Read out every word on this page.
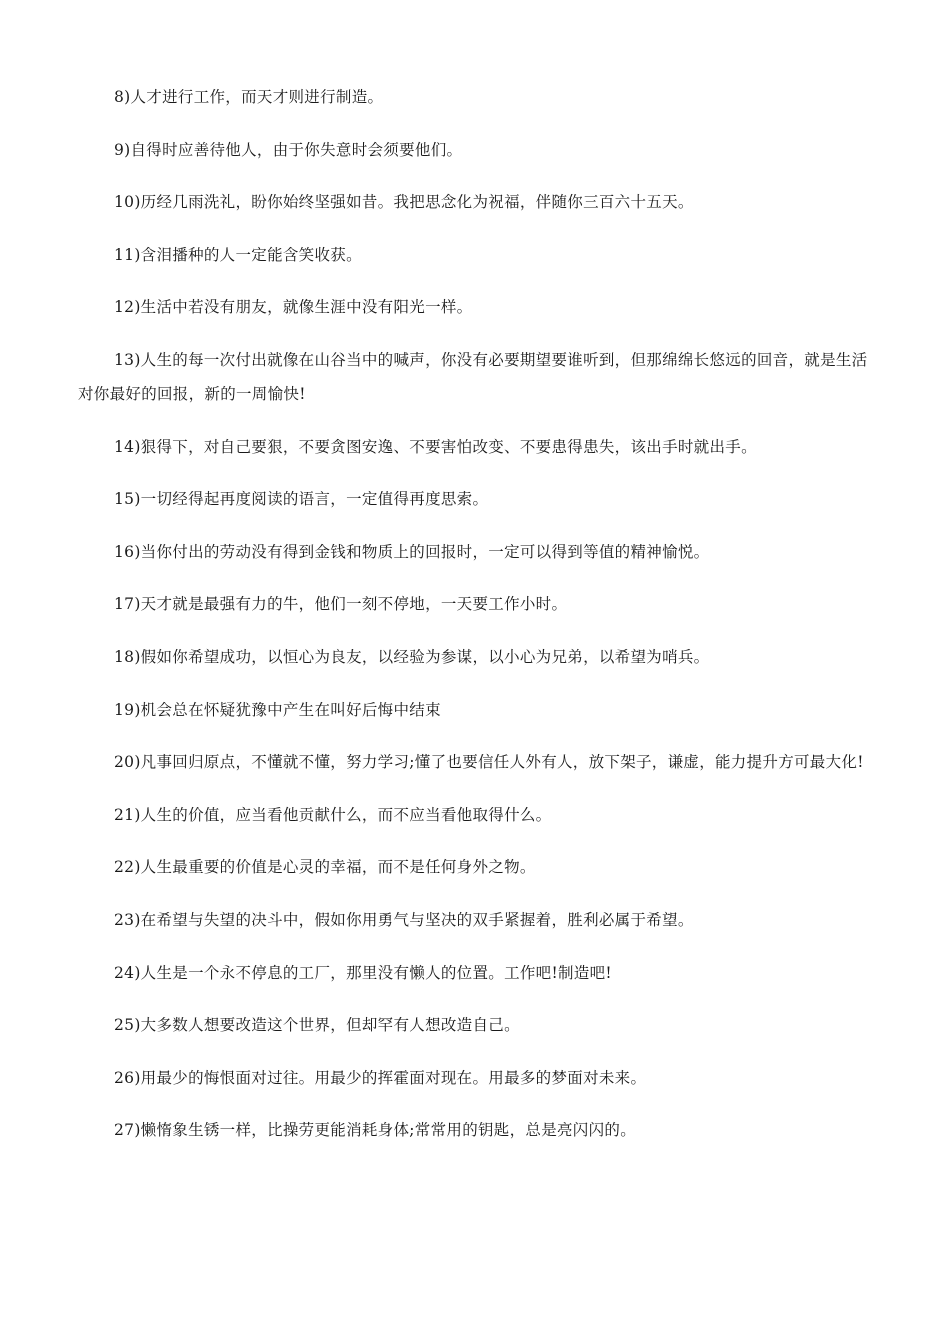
8)人才进行工作，而天才则进行制造。

9)自得时应善待他人，由于你失意时会须要他们。

10)历经几雨洗礼，盼你始终坚强如昔。我把思念化为祝福，伴随你三百六十五天。

11)含泪播种的人一定能含笑收获。

12)生活中若没有朋友，就像生涯中没有阳光一样。

13)人生的每一次付出就像在山谷当中的喊声，你没有必要期望要谁听到，但那绵绵长悠远的回音，就是生活对你最好的回报，新的一周愉快!

14)狠得下，对自己要狠，不要贪图安逸、不要害怕改变、不要患得患失，该出手时就出手。

15)一切经得起再度阅读的语言，一定值得再度思索。

16)当你付出的劳动没有得到金钱和物质上的回报时，一定可以得到等值的精神愉悦。

17)天才就是最强有力的牛，他们一刻不停地，一天要工作小时。

18)假如你希望成功，以恒心为良友，以经验为参谋，以小心为兄弟，以希望为哨兵。

19)机会总在怀疑犹豫中产生在叫好后悔中结束

20)凡事回归原点，不懂就不懂，努力学习;懂了也要信任人外有人，放下架子，谦虚，能力提升方可最大化!

21)人生的价值，应当看他贡献什么，而不应当看他取得什么。

22)人生最重要的价值是心灵的幸福，而不是任何身外之物。

23)在希望与失望的决斗中，假如你用勇气与坚决的双手紧握着，胜利必属于希望。

24)人生是一个永不停息的工厂，那里没有懒人的位置。工作吧!制造吧!

25)大多数人想要改造这个世界，但却罕有人想改造自己。

26)用最少的悔恨面对过往。用最少的挥霍面对现在。用最多的梦面对未来。

27)懒惰象生锈一样，比操劳更能消耗身体;常常用的钥匙，总是亮闪闪的。
